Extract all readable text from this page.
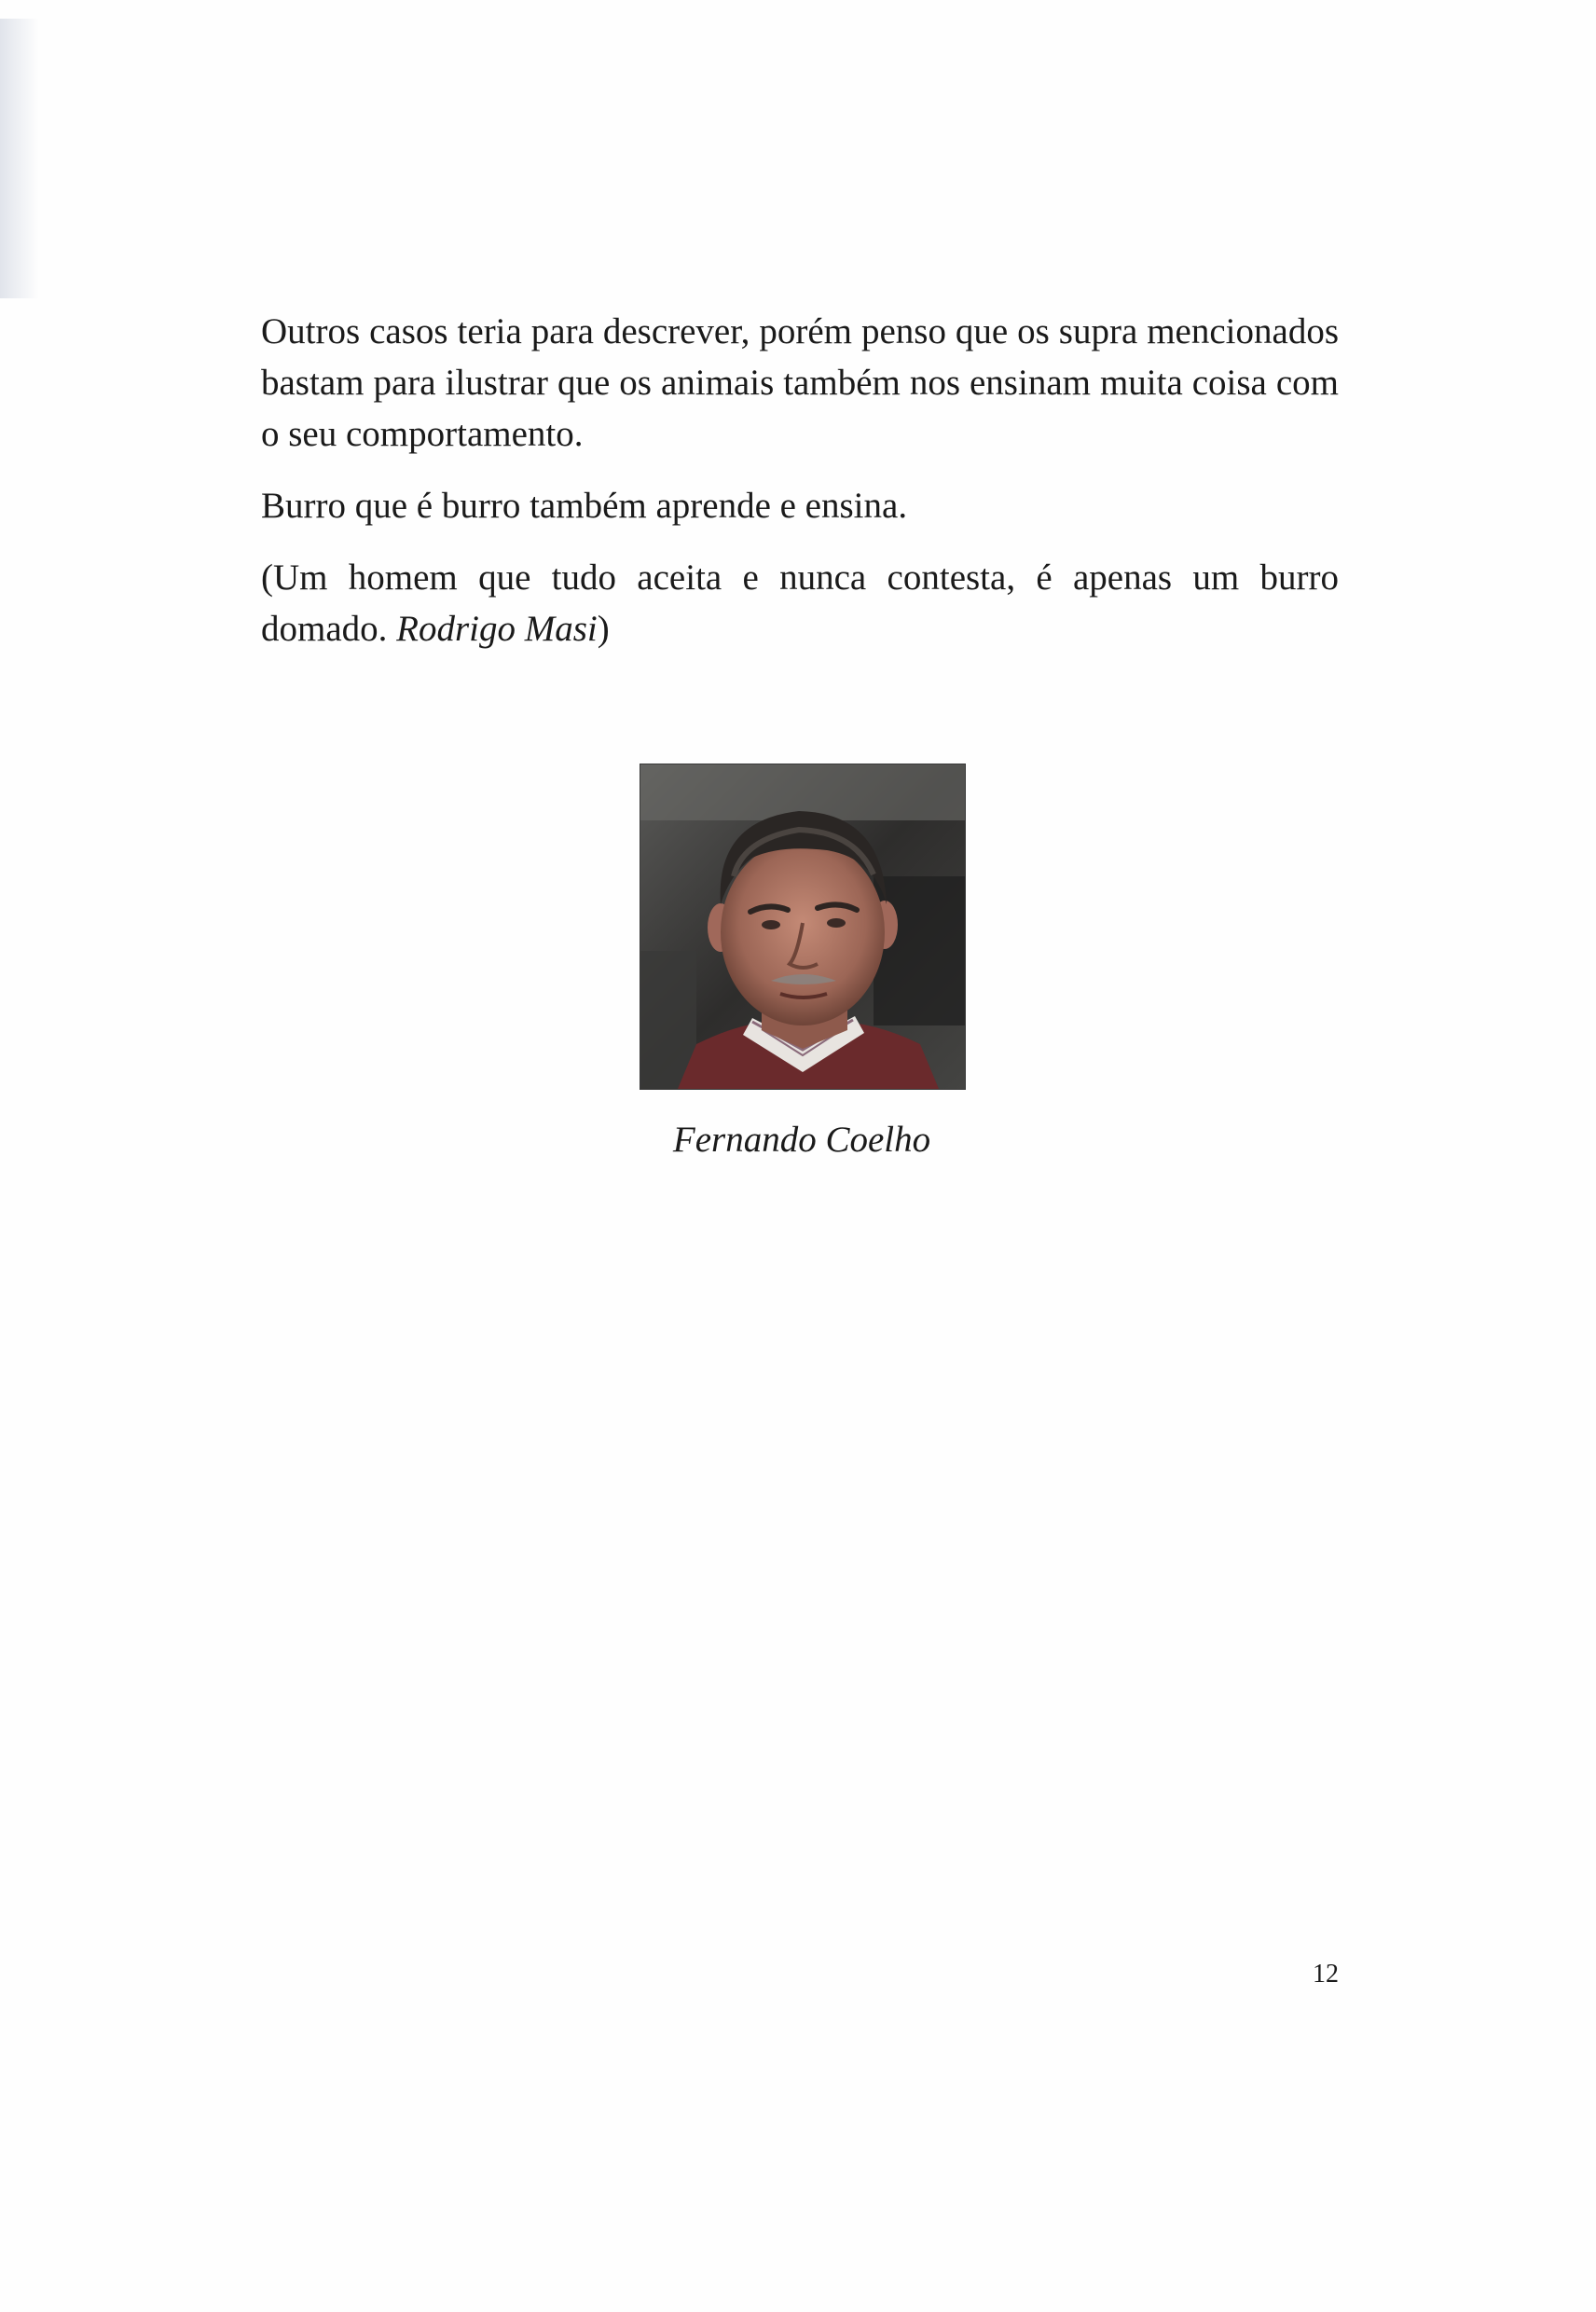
Outros casos teria para descrever, porém penso que os supra mencionados bastam para ilustrar que os animais também nos ensinam muita coisa com o seu comportamento.

Burro que é burro também aprende e ensina.

(Um homem que tudo aceita e nunca contesta, é apenas um burro domado. Rodrigo Masi)

Fernando Coelho
12
